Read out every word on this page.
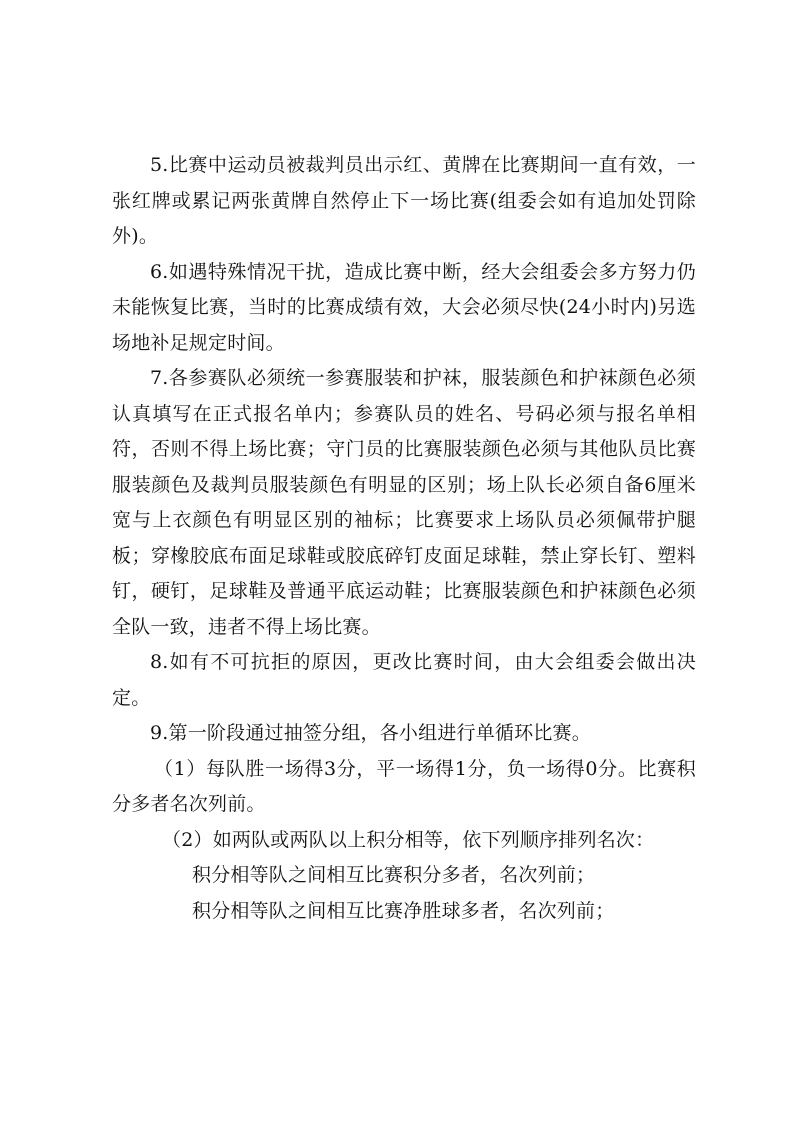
5.比赛中运动员被裁判员出示红、黄牌在比赛期间一直有效，一张红牌或累记两张黄牌自然停止下一场比赛(组委会如有追加处罚除外)。

6.如遇特殊情况干扰，造成比赛中断，经大会组委会多方努力仍未能恢复比赛，当时的比赛成绩有效，大会必须尽快(24小时内)另选场地补足规定时间。

7.各参赛队必须统一参赛服装和护袜，服装颜色和护袜颜色必须认真填写在正式报名单内；参赛队员的姓名、号码必须与报名单相符，否则不得上场比赛；守门员的比赛服装颜色必须与其他队员比赛服装颜色及裁判员服装颜色有明显的区别；场上队长必须自备6厘米宽与上衣颜色有明显区别的袖标；比赛要求上场队员必须佩带护腿板；穿橡胶底布面足球鞋或胶底碎钉皮面足球鞋，禁止穿长钉、塑料钉，硬钉，足球鞋及普通平底运动鞋；比赛服装颜色和护袜颜色必须全队一致，违者不得上场比赛。

8.如有不可抗拒的原因，更改比赛时间，由大会组委会做出决定。

9.第一阶段通过抽签分组，各小组进行单循环比赛。

（1）每队胜一场得3分，平一场得1分，负一场得0分。比赛积分多者名次列前。

（2）如两队或两队以上积分相等，依下列顺序排列名次：

积分相等队之间相互比赛积分多者，名次列前；

积分相等队之间相互比赛净胜球多者，名次列前；
